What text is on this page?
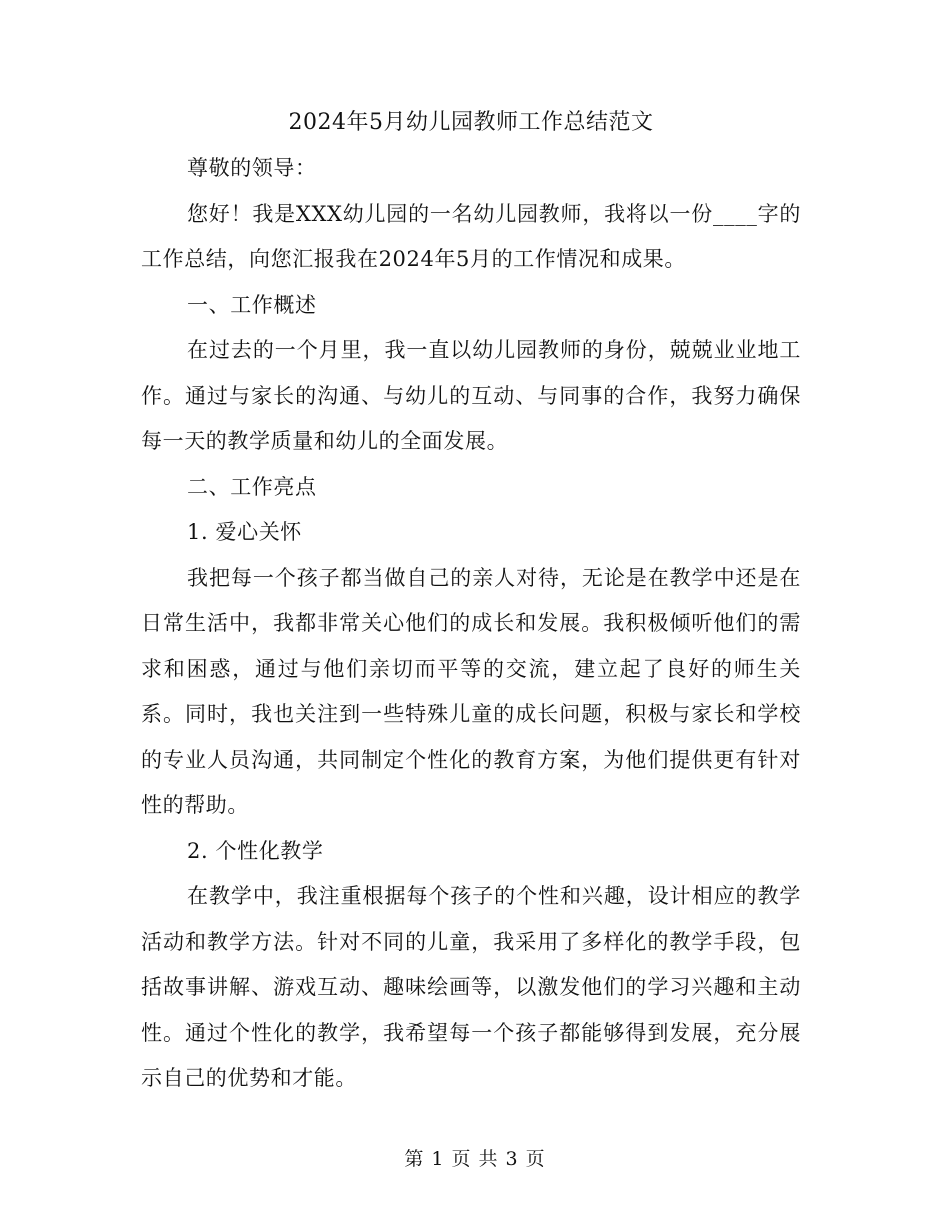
2024年5月幼儿园教师工作总结范文

尊敬的领导：

您好！我是XXX幼儿园的一名幼儿园教师，我将以一份____字的工作总结，向您汇报我在2024年5月的工作情况和成果。

一、工作概述

在过去的一个月里，我一直以幼儿园教师的身份，兢兢业业地工作。通过与家长的沟通、与幼儿的互动、与同事的合作，我努力确保每一天的教学质量和幼儿的全面发展。

二、工作亮点

1. 爱心关怀

我把每一个孩子都当做自己的亲人对待，无论是在教学中还是在日常生活中，我都非常关心他们的成长和发展。我积极倾听他们的需求和困惑，通过与他们亲切而平等的交流，建立起了良好的师生关系。同时，我也关注到一些特殊儿童的成长问题，积极与家长和学校的专业人员沟通，共同制定个性化的教育方案，为他们提供更有针对性的帮助。

2. 个性化教学

在教学中，我注重根据每个孩子的个性和兴趣，设计相应的教学活动和教学方法。针对不同的儿童，我采用了多样化的教学手段，包括故事讲解、游戏互动、趣味绘画等，以激发他们的学习兴趣和主动性。通过个性化的教学，我希望每一个孩子都能够得到发展，充分展示自己的优势和才能。

第 1 页 共 3 页
